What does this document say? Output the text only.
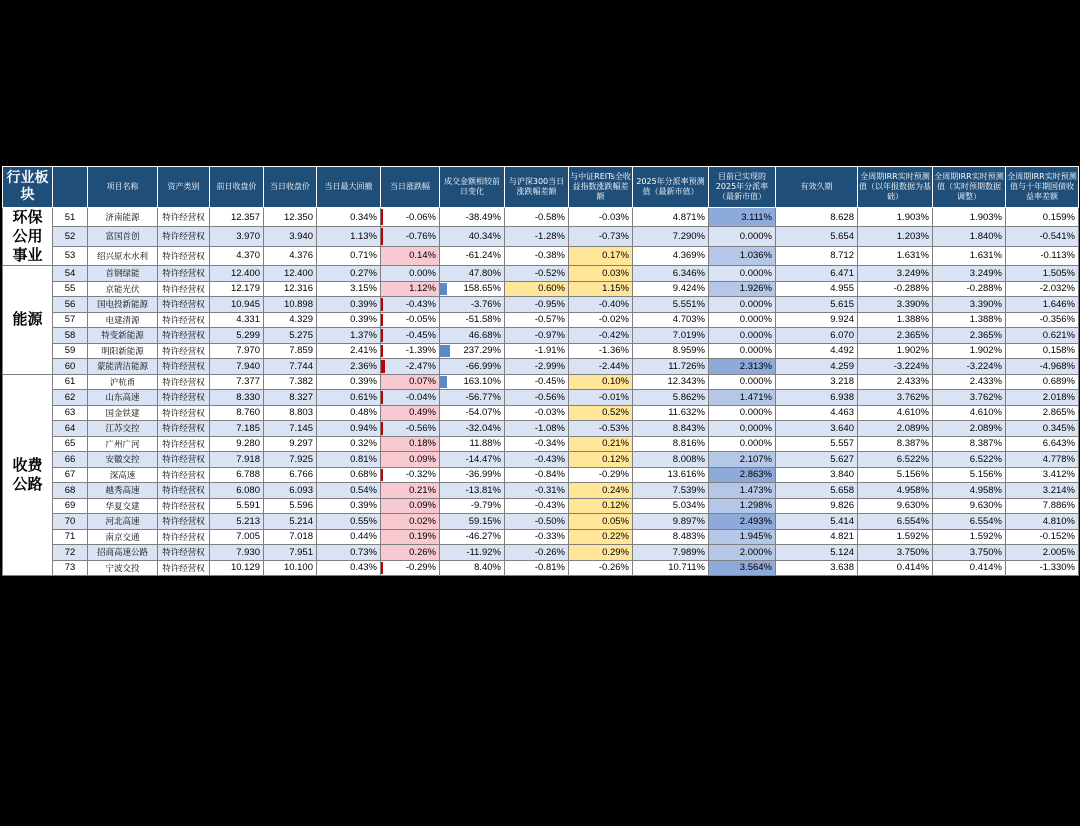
行业板块		项目名称	资产类别	前日收盘价	当日收盘价	当日最大回撤	当日涨跌幅	成交金额相较前日变化	与沪深300当日涨跌幅差额	与中证REITs全收益指数涨跌幅差额	2025年分派率预测值（最新市值）	目前已实现的2025年分派率（最新市值）	有效久期	全周期IRR实时预测值（以年报数据为基础）	全周期IRR实时预测值（实时预期数据调整）	全周期IRR实时预测值与十年期国债收益率差额
环保公用事业	51	济南能源	特许经营权	12.357	12.350	0.34%	-0.06%	-38.49%	-0.58%	-0.03%	4.871%	3.111%	8.628	1.903%	1.903%	0.159%
	52	富国首创	特许经营权	3.970	3.940	1.13%	-0.76%	40.34%	-1.28%	-0.73%	7.290%	0.000%	5.654	1.203%	1.840%	-0.541%
	53	绍兴原水水利	特许经营权	4.370	4.376	0.71%	0.14%	-61.24%	-0.38%	0.17%	4.369%	1.036%	8.712	1.631%	1.631%	-0.113%
能源	54	首钢绿能	特许经营权	12.400	12.400	0.27%	0.00%	47.80%	-0.52%	0.03%	6.346%	0.000%	6.471	3.249%	3.249%	1.505%
	55	京能光伏	特许经营权	12.179	12.316	3.15%	1.12%	158.65%	0.60%	1.15%	9.424%	1.926%	4.955	-0.288%	-0.288%	-2.032%
	56	国电投新能源	特许经营权	10.945	10.898	0.39%	-0.43%	-3.76%	-0.95%	-0.40%	5.551%	0.000%	5.615	3.390%	3.390%	1.646%
	57	电建清源	特许经营权	4.331	4.329	0.39%	-0.05%	-51.58%	-0.57%	-0.02%	4.703%	0.000%	9.924	1.388%	1.388%	-0.356%
	58	特变新能源	特许经营权	5.299	5.275	1.37%	-0.45%	46.68%	-0.97%	-0.42%	7.019%	0.000%	6.070	2.365%	2.365%	0.621%
	59	明阳新能源	特许经营权	7.970	7.859	2.41%	-1.39%	237.29%	-1.91%	-1.36%	8.959%	0.000%	4.492	1.902%	1.902%	0.158%
	60	蒙能清洁能源	特许经营权	7.940	7.744	2.36%	-2.47%	-66.99%	-2.99%	-2.44%	11.726%	2.313%	4.259	-3.224%	-3.224%	-4.968%
收费公路	61	沪杭甬	特许经营权	7.377	7.382	0.39%	0.07%	163.10%	-0.45%	0.10%	12.343%	0.000%	3.218	2.433%	2.433%	0.689%
	62	山东高速	特许经营权	8.330	8.327	0.61%	-0.04%	-56.77%	-0.56%	-0.01%	5.862%	1.471%	6.938	3.762%	3.762%	2.018%
	63	国金铁建	特许经营权	8.760	8.803	0.48%	0.49%	-54.07%	-0.03%	0.52%	11.632%	0.000%	4.463	4.610%	4.610%	2.865%
	64	江苏交控	特许经营权	7.185	7.145	0.94%	-0.56%	-32.04%	-1.08%	-0.53%	8.843%	0.000%	3.640	2.089%	2.089%	0.345%
	65	广州广河	特许经营权	9.280	9.297	0.32%	0.18%	11.88%	-0.34%	0.21%	8.816%	0.000%	5.557	8.387%	8.387%	6.643%
	66	安徽交控	特许经营权	7.918	7.925	0.81%	0.09%	-14.47%	-0.43%	0.12%	8.008%	2.107%	5.627	6.522%	6.522%	4.778%
	67	深高速	特许经营权	6.788	6.766	0.68%	-0.32%	-36.99%	-0.84%	-0.29%	13.616%	2.863%	3.840	5.156%	5.156%	3.412%
	68	越秀高速	特许经营权	6.080	6.093	0.54%	0.21%	-13.81%	-0.31%	0.24%	7.539%	1.473%	5.658	4.958%	4.958%	3.214%
	69	华夏交建	特许经营权	5.591	5.596	0.39%	0.09%	-9.79%	-0.43%	0.12%	5.034%	1.298%	9.826	9.630%	9.630%	7.886%
	70	河北高速	特许经营权	5.213	5.214	0.55%	0.02%	59.15%	-0.50%	0.05%	9.897%	2.493%	5.414	6.554%	6.554%	4.810%
	71	南京交通	特许经营权	7.005	7.018	0.44%	0.19%	-46.27%	-0.33%	0.22%	8.483%	1.945%	4.821	1.592%	1.592%	-0.152%
	72	招商高速公路	特许经营权	7.930	7.951	0.73%	0.26%	-11.92%	-0.26%	0.29%	7.989%	2.000%	5.124	3.750%	3.750%	2.005%
	73	宁波交投	特许经营权	10.129	10.100	0.43%	-0.29%	8.40%	-0.81%	-0.26%	10.711%	3.564%	3.638	0.414%	0.414%	-1.330%
